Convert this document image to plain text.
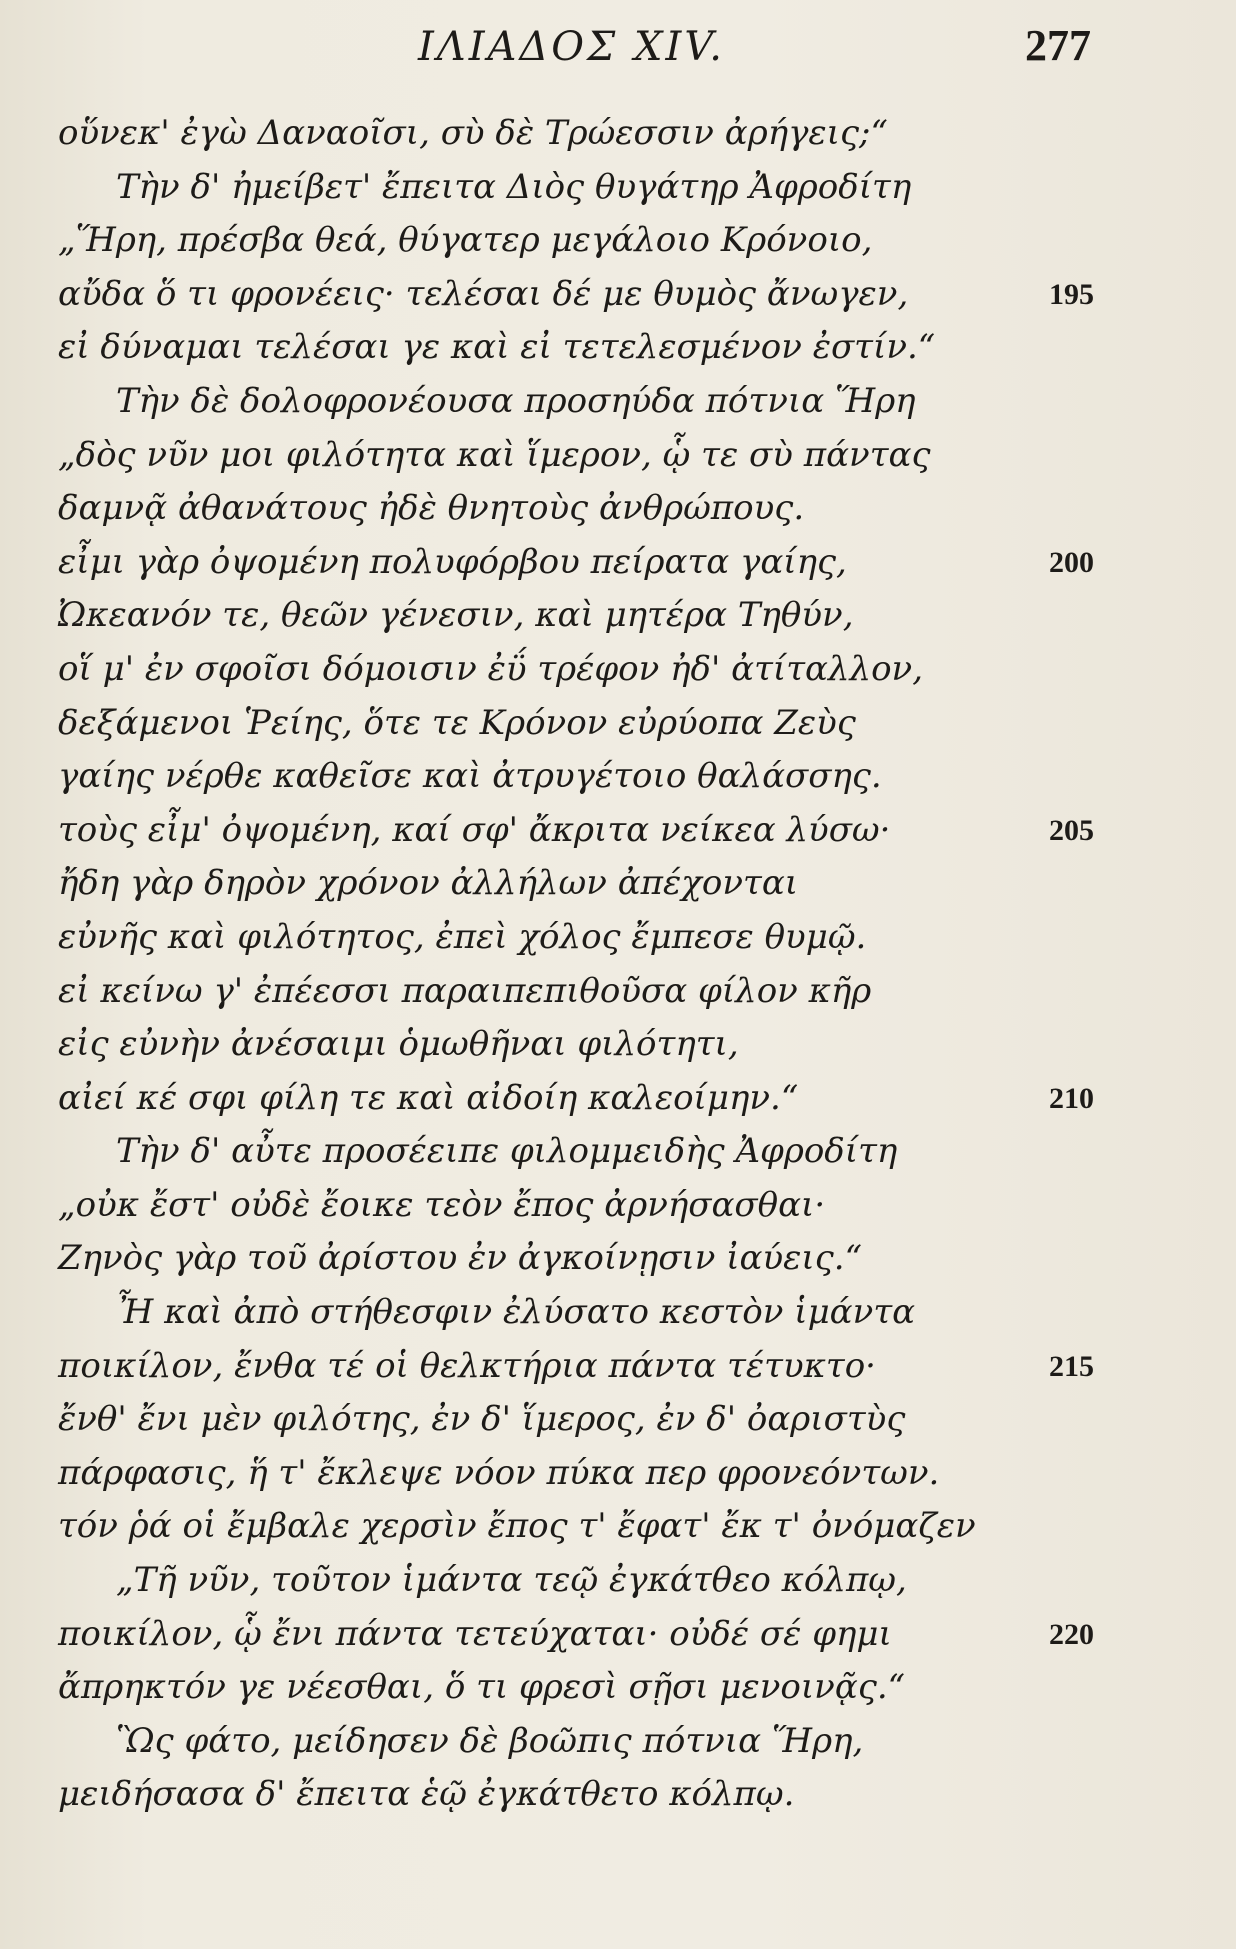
ΙΛΙΑΔΟΣ XIV.	277
οὕνεκ' ἐγὼ Δαναοῖσι, σὺ δὲ Τρώεσσιν ἀρήγεις;“
Τὴν δ' ἠμείβετ' ἔπειτα Διὸς θυγάτηρ Ἀφροδίτη
„Ἥρη, πρέσβα θεά, θύγατερ μεγάλοιο Κρόνοιο,
αὔδα ὅ τι φρονέεις· τελέσαι δέ με θυμὸς ἄνωγεν,	195
εἰ δύναμαι τελέσαι γε καὶ εἰ τετελεσμένον ἐστίν.“
Τὴν δὲ δολοφρονέουσα προσηύδα πότνια Ἥρη
„δὸς νῦν μοι φιλότητα καὶ ἵμερον, ᾧ τε σὺ πάντας
δαμνᾷ ἀθανάτους ἠδὲ θνητοὺς ἀνθρώπους.
εἶμι γὰρ ὀψομένη πολυφόρβου πείρατα γαίης,	200
Ὠκεανόν τε, θεῶν γένεσιν, καὶ μητέρα Τηθύν,
οἵ μ' ἐν σφοῖσι δόμοισιν ἐΰ τρέφον ἠδ' ἀτίταλλον,
δεξάμενοι Ῥείης, ὅτε τε Κρόνον εὐρύοπα Ζεὺς
γαίης νέρθε καθεῖσε καὶ ἀτρυγέτοιο θαλάσσης.
τοὺς εἶμ' ὀψομένη, καί σφ' ἄκριτα νείκεα λύσω·	205
ἤδη γὰρ δηρὸν χρόνον ἀλλήλων ἀπέχονται
εὐνῆς καὶ φιλότητος, ἐπεὶ χόλος ἔμπεσε θυμῷ.
εἰ κείνω γ' ἐπέεσσι παραιπεπιθοῦσα φίλον κῆρ
εἰς εὐνὴν ἀνέσαιμι ὁμωθῆναι φιλότητι,
αἰεί κέ σφι φίλη τε καὶ αἰδοίη καλεοίμην.“	210
Τὴν δ' αὖτε προσέειπε φιλομμειδὴς Ἀφροδίτη
„οὐκ ἔστ' οὐδὲ ἔοικε τεὸν ἔπος ἀρνήσασθαι·
Ζηνὸς γὰρ τοῦ ἀρίστου ἐν ἀγκοίνῃσιν ἰαύεις.“
Ἦ καὶ ἀπὸ στήθεσφιν ἐλύσατο κεστὸν ἱμάντα
ποικίλον, ἔνθα τέ οἱ θελκτήρια πάντα τέτυκτο·	215
ἔνθ' ἔνι μὲν φιλότης, ἐν δ' ἵμερος, ἐν δ' ὀαριστὺς
πάρφασις, ἥ τ' ἔκλεψε νόον πύκα περ φρονεόντων.
τόν ῥά οἱ ἔμβαλε χερσὶν ἔπος τ' ἔφατ' ἔκ τ' ὀνόμαζεν
„Τῆ νῦν, τοῦτον ἱμάντα τεῷ ἐγκάτθεο κόλπῳ,
ποικίλον, ᾧ ἔνι πάντα τετεύχαται· οὐδέ σέ φημι	220
ἄπρηκτόν γε νέεσθαι, ὅ τι φρεσὶ σῇσι μενοινᾷς.“
Ὣς φάτο, μείδησεν δὲ βοῶπις πότνια Ἥρη,
μειδήσασα δ' ἔπειτα ἑῷ ἐγκάτθετο κόλπῳ.
